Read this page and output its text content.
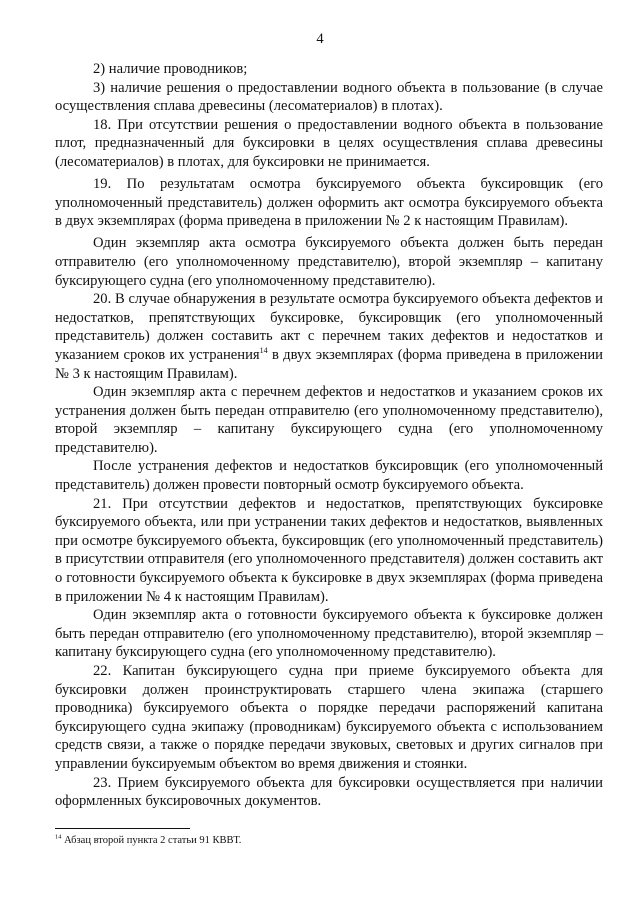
4

2) наличие проводников;

3) наличие решения о предоставлении водного объекта в пользование (в случае осуществления сплава древесины (лесоматериалов) в плотах).

18. При отсутствии решения о предоставлении водного объекта в пользование плот, предназначенный для буксировки в целях осуществления сплава древесины (лесоматериалов) в плотах, для буксировки не принимается.

19. По результатам осмотра буксируемого объекта буксировщик (его уполномоченный представитель) должен оформить акт осмотра буксируемого объекта в двух экземплярах (форма приведена в приложении № 2 к настоящим Правилам).

Один экземпляр акта осмотра буксируемого объекта должен быть передан отправителю (его уполномоченному представителю), второй экземпляр – капитану буксирующего судна (его уполномоченному представителю).

20. В случае обнаружения в результате осмотра буксируемого объекта дефектов и недостатков, препятствующих буксировке, буксировщик (его уполномоченный представитель) должен составить акт с перечнем таких дефектов и недостатков и указанием сроков их устранения$^{14}$ в двух экземплярах (форма приведена в приложении № 3 к настоящим Правилам).

Один экземпляр акта с перечнем дефектов и недостатков и указанием сроков их устранения должен быть передан отправителю (его уполномоченному представителю), второй экземпляр – капитану буксирующего судна (его уполномоченному представителю).

После устранения дефектов и недостатков буксировщик (его уполномоченный представитель) должен провести повторный осмотр буксируемого объекта.

21. При отсутствии дефектов и недостатков, препятствующих буксировке буксируемого объекта, или при устранении таких дефектов и недостатков, выявленных при осмотре буксируемого объекта, буксировщик (его уполномоченный представитель) в присутствии отправителя (его уполномоченного представителя) должен составить акт о готовности буксируемого объекта к буксировке в двух экземплярах (форма приведена в приложении № 4 к настоящим Правилам).

Один экземпляр акта о готовности буксируемого объекта к буксировке должен быть передан отправителю (его уполномоченному представителю), второй экземпляр – капитану буксирующего судна (его уполномоченному представителю).

22. Капитан буксирующего судна при приеме буксируемого объекта для буксировки должен проинструктировать старшего члена экипажа (старшего проводника) буксируемого объекта о порядке передачи распоряжений капитана буксирующего судна экипажу (проводникам) буксируемого объекта с использованием средств связи, а также о порядке передачи звуковых, световых и других сигналов при управлении буксируемым объектом во время движения и стоянки.

23. Прием буксируемого объекта для буксировки осуществляется при наличии оформленных буксировочных документов.

$^{14}$ Абзац второй пункта 2 статьи 91 КВВТ.
